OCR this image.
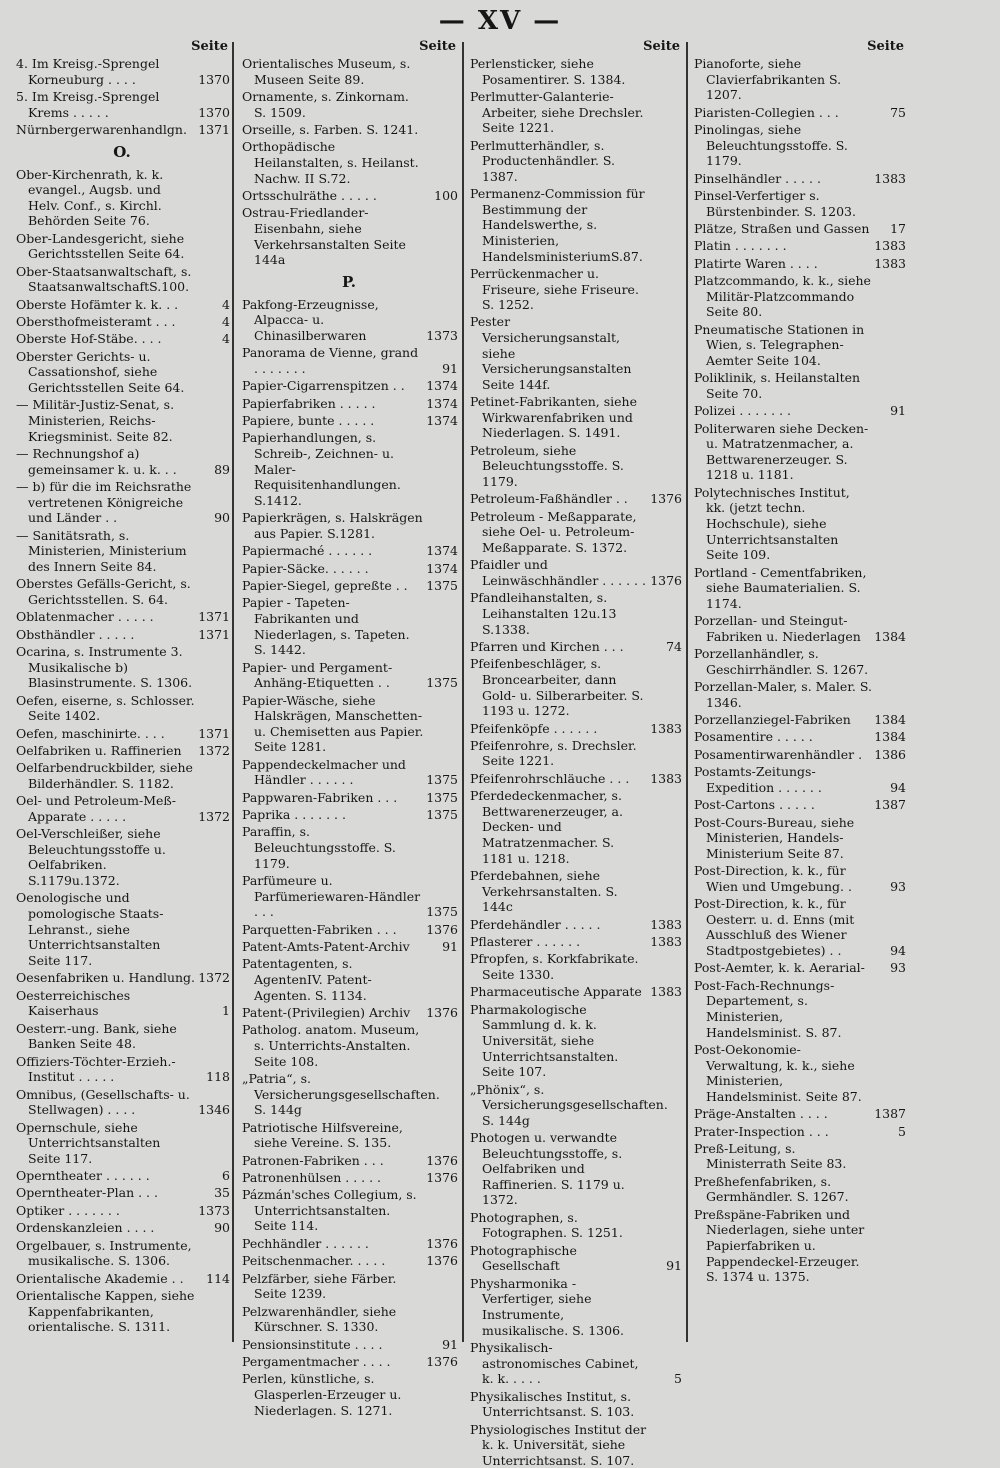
— XV —
Seite
4. Im Kreisg.-Sprengel
Korneuburg . . . .	1370
5. Im Kreisg.-Sprengel
Krems . . . . .	1370
Nürnbergerwarenhandlgn. 1371
O.
Ober-Kirchenrath, k. k. evangel., Augsb. und Helv. Conf., s. Kirchl. Behörden Seite 76.
Ober-Landesgericht, siehe Gerichtsstellen Seite 64.
Ober-Staatsanwaltschaft, s. StaatsanwaltschaftS.100.
Oberste Hofämter k. k. . .	4
Obersthofmeisteramt . . .	4
Oberste Hof-Stäbe. . . .	4
Oberster Gerichts- u. Cassationshof, siehe Gerichtsstellen Seite 64.
— Militär-Justiz-Senat, s. Ministerien, Reichs-Kriegsminist. Seite 82.
— Rechnungshof a) gemeinsamer k. u. k. . .	89
— b) für die im Reichsrathe vertretenen Königreiche und Länder . .	90
— Sanitätsrath, s. Ministerien, Ministerium des Innern Seite 84.
Oberstes Gefälls-Gericht, s. Gerichtsstellen. S. 64.
Oblatenmacher . . . . .	1371
Obsthändler . . . . .	1371
Ocarina, s. Instrumente 3. Musikalische b) Blasinstrumente. S. 1306.
Oefen, eiserne, s. Schlosser. Seite 1402.
Oefen, maschinirte. . . .	1371
Oelfabriken u. Raffinerien	1372
Oelfarbendruckbilder, siehe Bilderhändler. S. 1182.
Oel- und Petroleum-Meß-Apparate . . . . .	1372
Oel-Verschleißer, siehe Beleuchtungsstoffe u. Oelfabriken. S.1179u.1372.
Oenologische und pomologische Staats-Lehranst., siehe Unterrichtsanstalten Seite 117.
Oesenfabriken u. Handlung. 1372
Oesterreichisches Kaiserhaus	1
Oesterr.-ung. Bank, siehe Banken Seite 48.
Offiziers-Töchter-Erzieh.-Institut . . . . .	118
Omnibus, (Gesellschafts- u. Stellwagen) . . . .	1346
Opernschule, siehe Unterrichtsanstalten Seite 117.
Operntheater . . . . . .	6
Operntheater-Plan . . .	35
Optiker . . . . . . .	1373
Ordenskanzleien . . . .	90
Orgelbauer, s. Instrumente, musikalische. S. 1306.
Orientalische Akademie . .	114
Orientalische Kappen, siehe Kappenfabrikanten, orientalische. S. 1311.
Seite
Orientalisches Museum, s. Museen Seite 89.
Ornamente, s. Zinkornam. S. 1509.
Orseille, s. Farben. S. 1241.
Orthopädische Heilanstalten, s. Heilanst. Nachw. II S.72.
Ortsschulräthe . . . . .	100
Ostrau-Friedlander-Eisenbahn, siehe Verkehrsanstalten Seite 144a
P.
Pakfong-Erzeugnisse, Alpacca- u. Chinasilberwaren	1373
Panorama de Vienne, grand . . . . . . .	91
Papier-Cigarrenspitzen . .	1374
Papierfabriken . . . . .	1374
Papiere, bunte . . . . .	1374
Papierhandlungen, s. Schreib-, Zeichnen- u. Maler-Requisitenhandlungen. S.1412.
Papierkrägen, s. Halskrägen aus Papier. S.1281.
Papiermaché . . . . . .	1374
Papier-Säcke. . . . . .	1374
Papier-Siegel, gepreßte . .	1375
Papier - Tapeten-Fabrikanten und Niederlagen, s. Tapeten. S. 1442.
Papier- und Pergament-Anhäng-Etiquetten . .	1375
Papier-Wäsche, siehe Halskrägen, Manschetten- u. Chemisetten aus Papier. Seite 1281.
Pappendeckelmacher und Händler . . . . . .	1375
Pappwaren-Fabriken . . .	1375
Paprika . . . . . . .	1375
Paraffin, s. Beleuchtungsstoffe. S. 1179.
Parfümeure u. Parfümeriewaren-Händler . . .	1375
Parquetten-Fabriken . . .	1376
Patent-Amts-Patent-Archiv	91
Patentagenten, s. AgentenIV. Patent-Agenten. S. 1134.
Patent-(Privilegien) Archiv	1376
Patholog. anatom. Museum, s. Unterrichts-Anstalten. Seite 108.
„Patria“, s. Versicherungsgesellschaften. S. 144g
Patriotische Hilfsvereine, siehe Vereine. S. 135.
Patronen-Fabriken . . .	1376
Patronenhülsen . . . . .	1376
Pázmán'sches Collegium, s. Unterrichtsanstalten. Seite 114.
Pechhändler . . . . . .	1376
Peitschenmacher. . . . .	1376
Pelzfärber, siehe Färber. Seite 1239.
Pelzwarenhändler, siehe Kürschner. S. 1330.
Pensionsinstitute . . . .	91
Pergamentmacher . . . .	1376
Perlen, künstliche, s. Glasperlen-Erzeuger u. Niederlagen. S. 1271.
Seite
Perlensticker, siehe Posamentirer. S. 1384.
Perlmutter-Galanterie-Arbeiter, siehe Drechsler. Seite 1221.
Perlmutterhändler, s. Productenhändler. S. 1387.
Permanenz-Commission für Bestimmung der Handelswerthe, s. Ministerien, HandelsministeriumS.87.
Perrückenmacher u. Friseure, siehe Friseure. S. 1252.
Pester Versicherungsanstalt, siehe Versicherungsanstalten Seite 144f.
Petinet-Fabrikanten, siehe Wirkwarenfabriken und Niederlagen. S. 1491.
Petroleum, siehe Beleuchtungsstoffe. S. 1179.
Petroleum-Faßhändler . .	1376
Petroleum - Meßapparate, siehe Oel- u. Petroleum-Meßapparate. S. 1372.
Pfaidler und Leinwäschhändler . . . . . . 1376
Pfandleihanstalten, s. Leihanstalten 12u.13 S.1338.
Pfarren und Kirchen . . .	74
Pfeifenbeschläger, s. Broncearbeiter, dann Gold- u. Silberarbeiter. S. 1193 u. 1272.
Pfeifenköpfe . . . . . .	1383
Pfeifenrohre, s. Drechsler. Seite 1221.
Pfeifenrohrschläuche . . .	1383
Pferdedeckenmacher, s. Bettwarenerzeuger, a. Decken- und Matratzenmacher. S. 1181 u. 1218.
Pferdebahnen, siehe Verkehrsanstalten. S. 144c
Pferdehändler . . . . .	1383
Pflasterer . . . . . .	1383
Pfropfen, s. Korkfabrikate. Seite 1330.
Pharmaceutische Apparate 1383
Pharmakologische Sammlung d. k. k. Universität, siehe Unterrichtsanstalten. Seite 107.
„Phönix“, s. Versicherungsgesellschaften. S. 144g
Photogen u. verwandte Beleuchtungsstoffe, s. Oelfabriken und Raffinerien. S. 1179 u. 1372.
Photographen, s. Fotographen. S. 1251.
Photographische Gesellschaft	91
Physharmonika - Verfertiger, siehe Instrumente, musikalische. S. 1306.
Physikalisch-astronomisches Cabinet, k. k. . . . .	5
Physikalisches Institut, s. Unterrichtsanst. S. 103.
Physiologisches Institut der k. k. Universität, siehe Unterrichtsanst. S. 107.
Seite
Pianoforte, siehe Clavierfabrikanten S. 1207.
Piaristen-Collegien . . .	75
Pinolingas, siehe Beleuchtungsstoffe. S. 1179.
Pinselhändler . . . . .	1383
Pinsel-Verfertiger s. Bürstenbinder. S. 1203.
Plätze, Straßen und Gassen	17
Platin . . . . . . .	1383
Platirte Waren . . . .	1383
Platzcommando, k. k., siehe Militär-Platzcommando Seite 80.
Pneumatische Stationen in Wien, s. Telegraphen-Aemter Seite 104.
Poliklinik, s. Heilanstalten Seite 70.
Polizei . . . . . . .	91
Politerwaren siehe Decken- u. Matratzenmacher, a. Bettwarenerzeuger. S. 1218 u. 1181.
Polytechnisches Institut, kk. (jetzt techn. Hochschule), siehe Unterrichtsanstalten Seite 109.
Portland - Cementfabriken, siehe Baumaterialien. S. 1174.
Porzellan- und Steingut-Fabriken u. Niederlagen	1384
Porzellanhändler, s. Geschirrhändler. S. 1267.
Porzellan-Maler, s. Maler. S. 1346.
Porzellanziegel-Fabriken	1384
Posamentire . . . . .	1384
Posamentirwarenhändler . 1386
Postamts-Zeitungs-Expedition . . . . . .	94
Post-Cartons . . . . .	1387
Post-Cours-Bureau, siehe Ministerien, Handels-Ministerium Seite 87.
Post-Direction, k. k., für Wien und Umgebung. .	93
Post-Direction, k. k., für Oesterr. u. d. Enns (mit Ausschluß des Wiener Stadtpostgebietes) . .	94
Post-Aemter, k. k. Aerarial-	93
Post-Fach-Rechnungs-Departement, s. Ministerien, Handelsminist. S. 87.
Post-Oekonomie-Verwaltung, k. k., siehe Ministerien, Handelsminist. Seite 87.
Präge-Anstalten . . . .	1387
Prater-Inspection . . .	5
Preß-Leitung, s. Ministerrath Seite 83.
Preßhefenfabriken, s. Germhändler. S. 1267.
Preßspäne-Fabriken und Niederlagen, siehe unter Papierfabriken u. Pappendeckel-Erzeuger. S. 1374 u. 1375.
